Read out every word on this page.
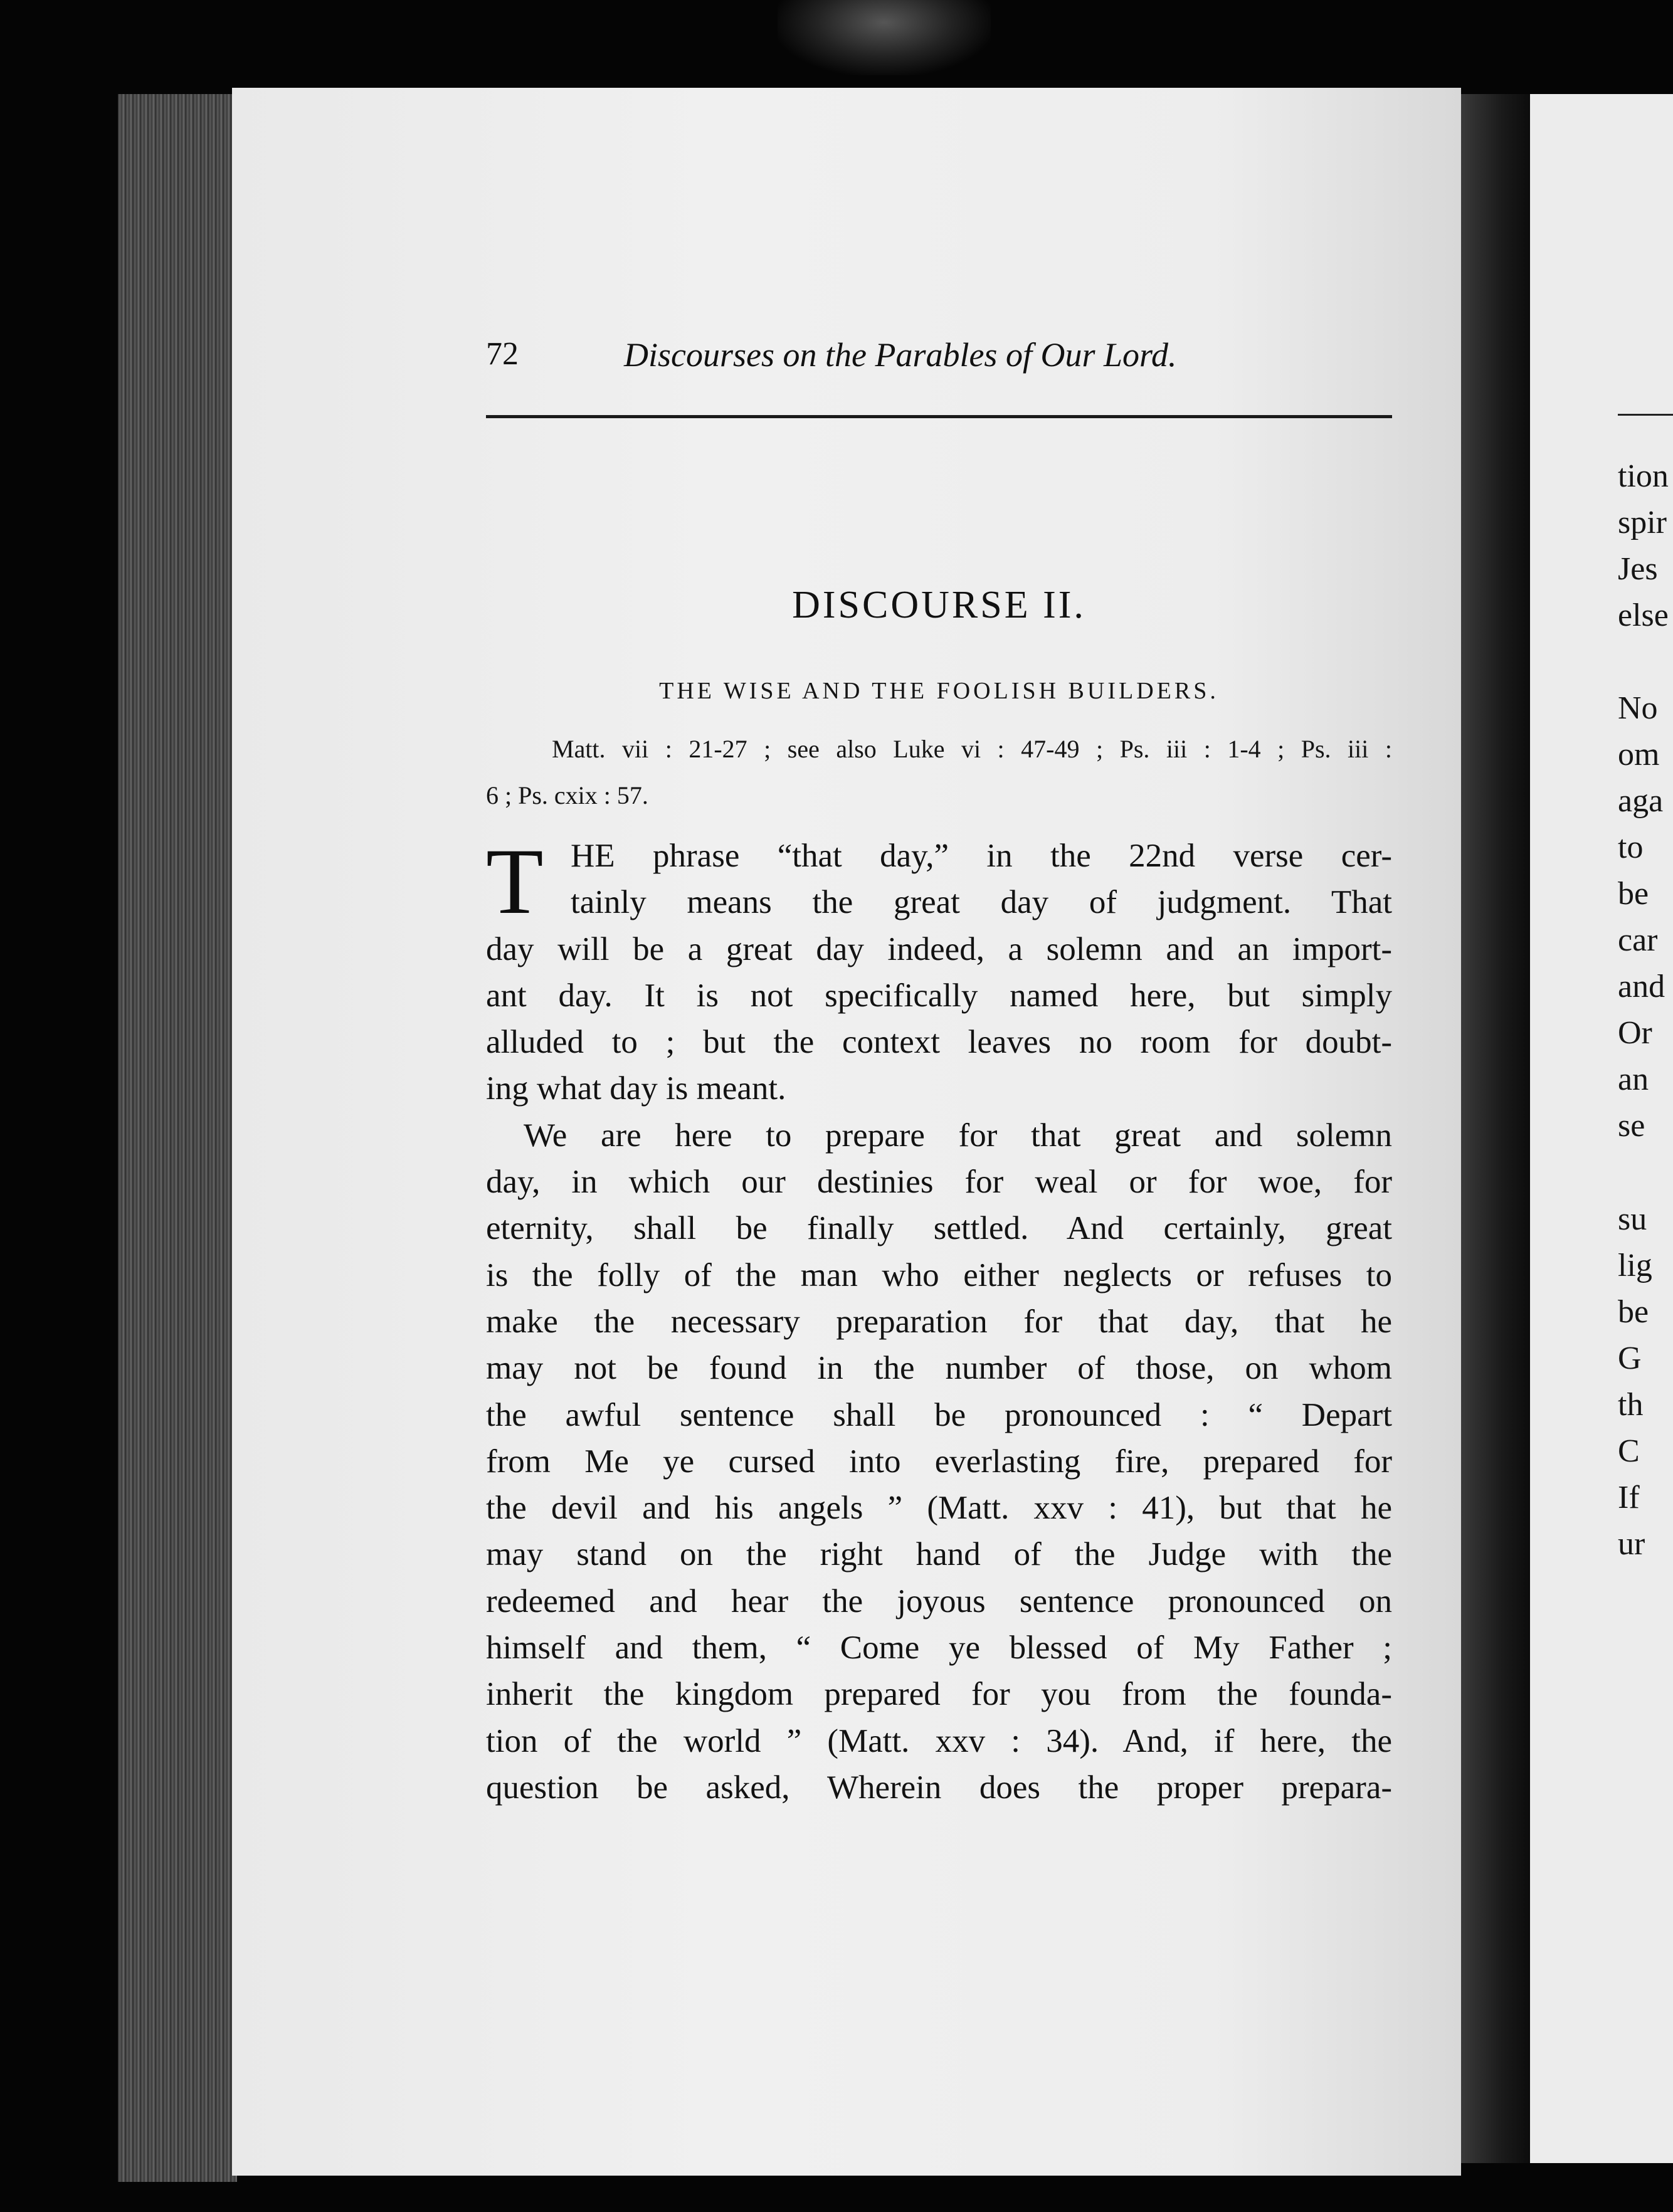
72	Discourses on the Parables of Our Lord.
DISCOURSE II.
THE WISE AND THE FOOLISH BUILDERS.
Matt. vii : 21-27 ; see also Luke vi : 47-49 ; Ps. iii : 1-4 ; Ps. iii :
6 ; Ps. cxix : 57.
T HE phrase “that day,” in the 22nd verse cer-
tainly means the great day of judgment. That
day will be a great day indeed, a solemn and an import-
ant day. It is not specifically named here, but simply
alluded to ; but the context leaves no room for doubt-
ing what day is meant.
We are here to prepare for that great and solemn
day, in which our destinies for weal or for woe, for
eternity, shall be finally settled. And certainly, great
is the folly of the man who either neglects or refuses to
make the necessary preparation for that day, that he
may not be found in the number of those, on whom
the awful sentence shall be pronounced : “ Depart
from Me ye cursed into everlasting fire, prepared for
the devil and his angels ” (Matt. xxv : 41), but that he
may stand on the right hand of the Judge with the
redeemed and hear the joyous sentence pronounced on
himself and them, “ Come ye blessed of My Father ;
inherit the kingdom prepared for you from the founda-
tion of the world ” (Matt. xxv : 34). And, if here, the
question be asked, Wherein does the proper prepara-
tion
spir
Jes
else
No
om
aga
to
be
car
and
Or
an
se
su
lig
be
G
th
C
If
ur
